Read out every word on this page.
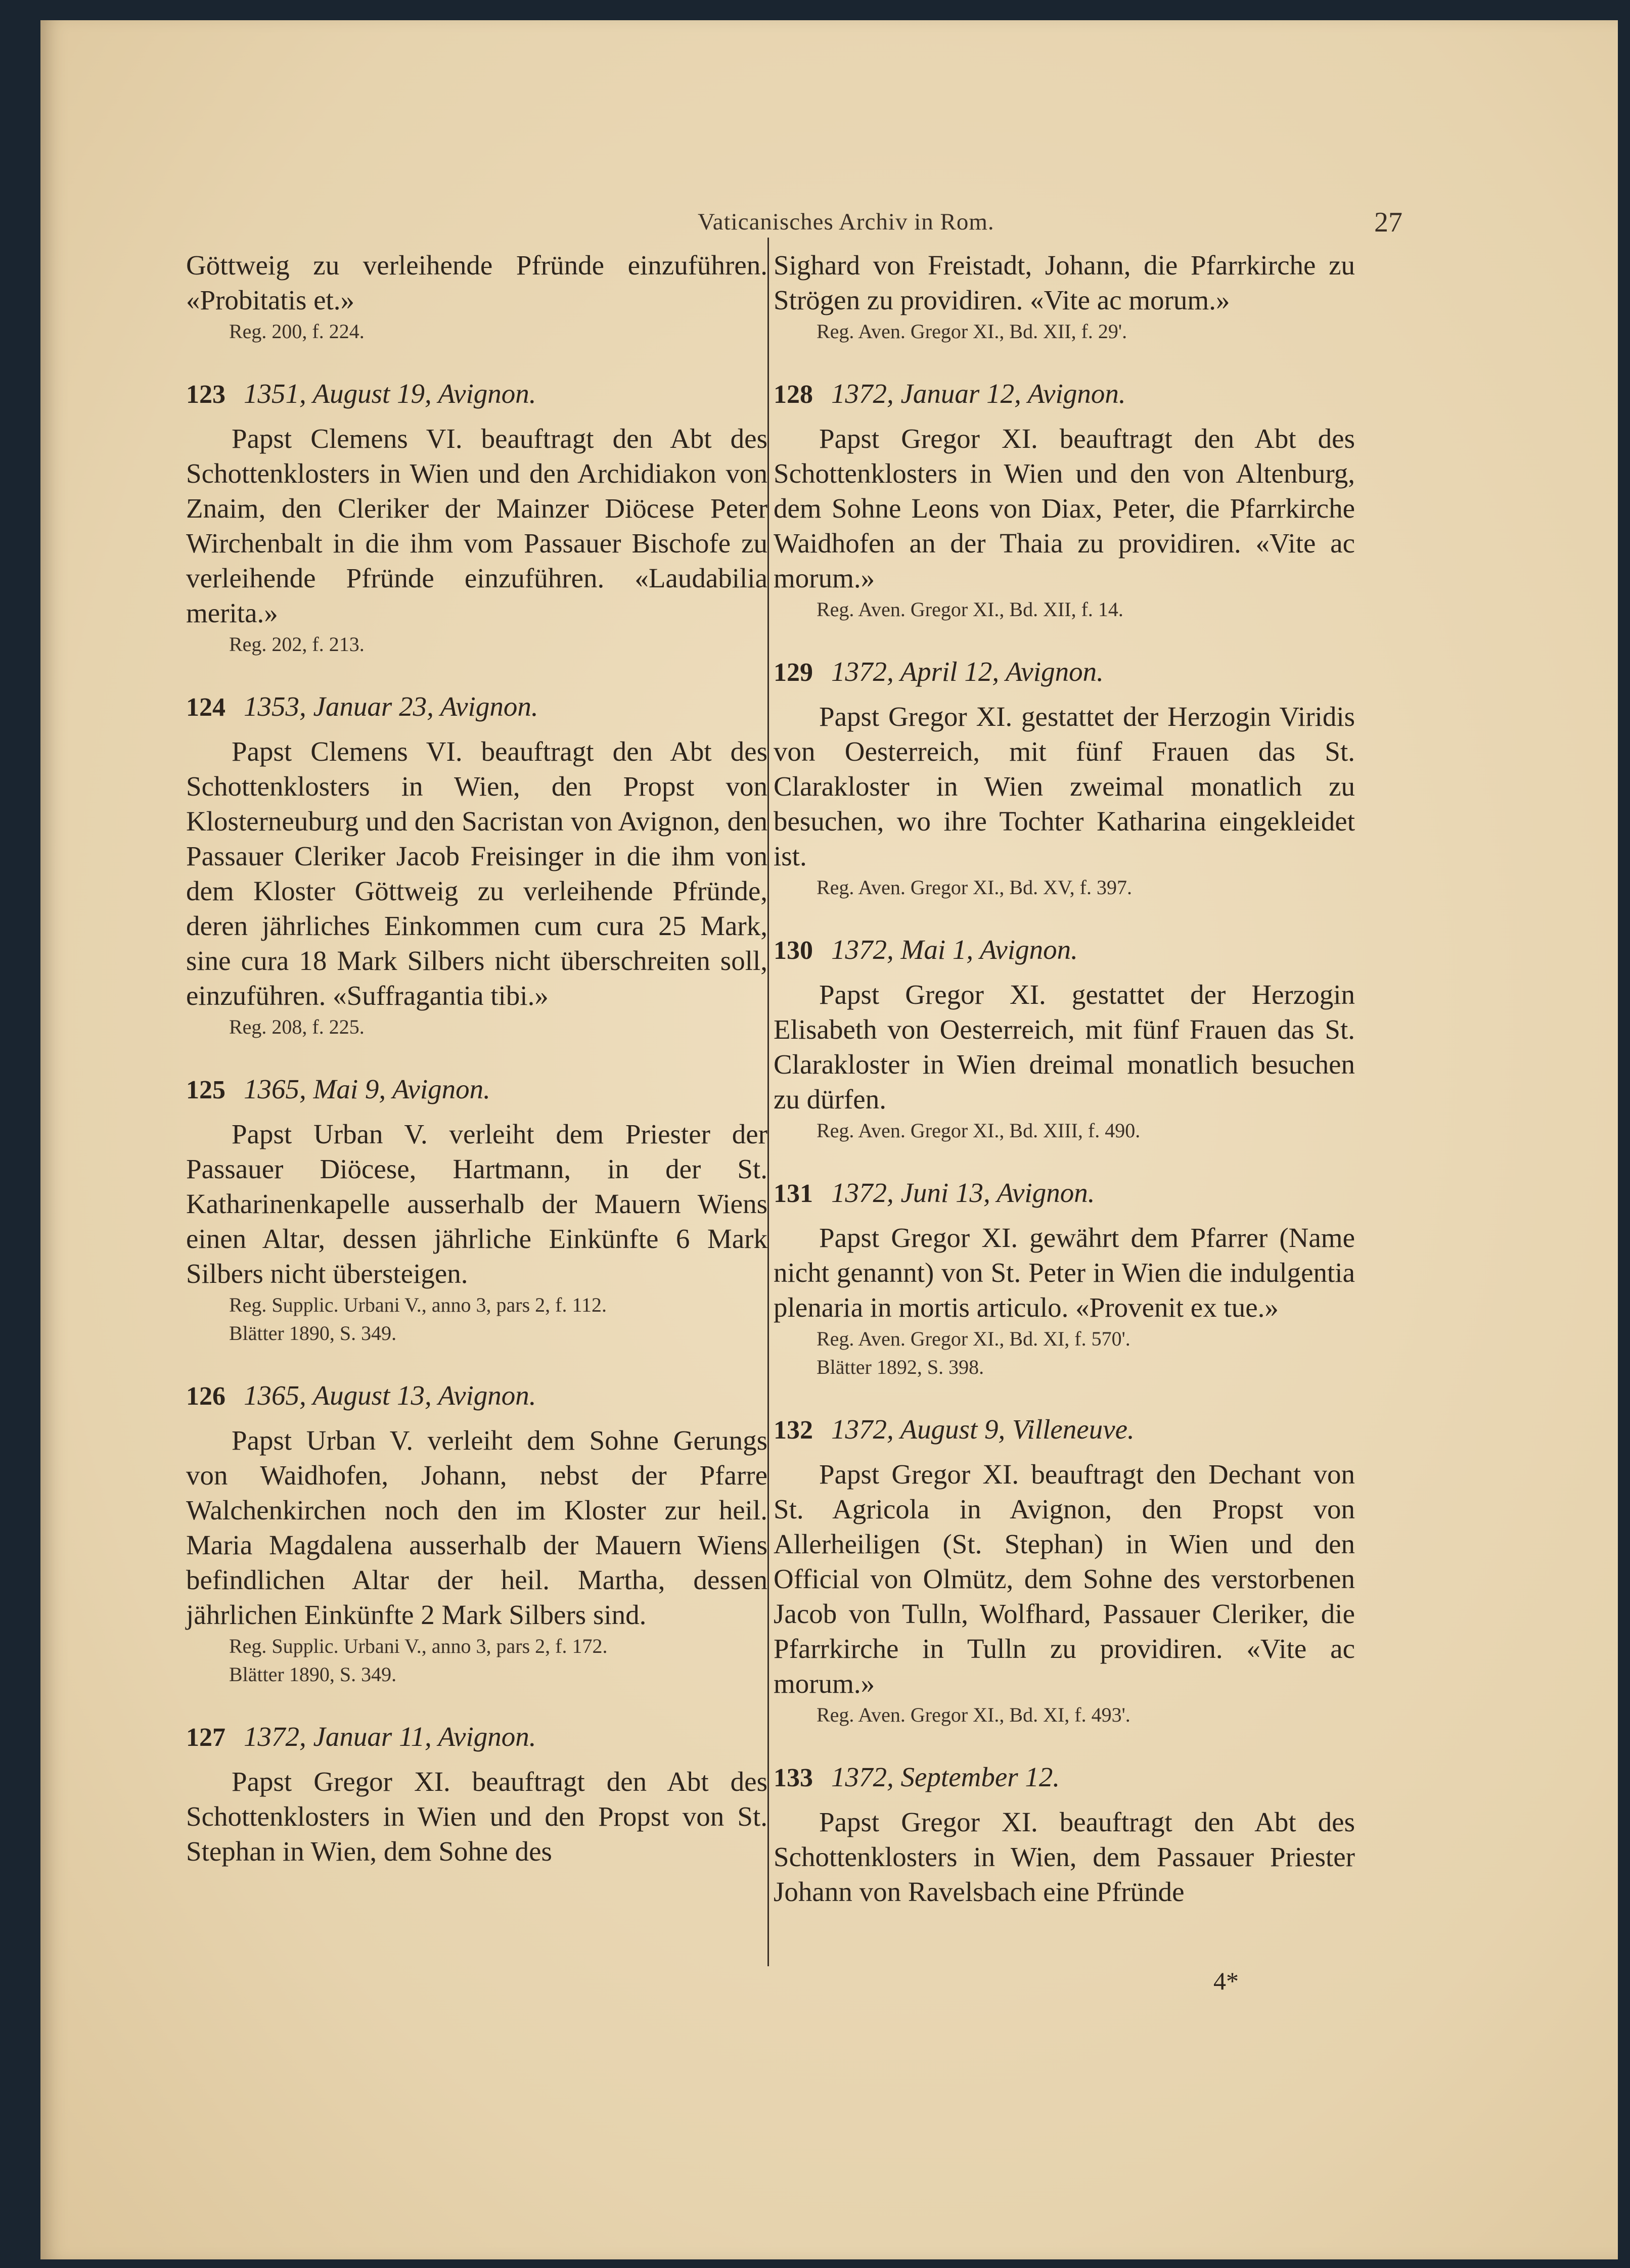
Vaticanisches Archiv in Rom.	27

Göttweig zu verleihende Pfründe einzuführen. «Probitatis et.»

Reg. 200, f. 224.
123 1351, August 19, Avignon.

Papst Clemens VI. beauftragt den Abt des Schottenklosters in Wien und den Archidiakon von Znaim, den Cleriker der Mainzer Diöcese Peter Wirchenbalt in die ihm vom Passauer Bischofe zu verleihende Pfründe einzuführen. «Laudabilia merita.»

Reg. 202, f. 213.
124 1353, Januar 23, Avignon.

Papst Clemens VI. beauftragt den Abt des Schottenklosters in Wien, den Propst von Klosterneuburg und den Sacristan von Avignon, den Passauer Cleriker Jacob Freisinger in die ihm von dem Kloster Göttweig zu verleihende Pfründe, deren jährliches Einkommen cum cura 25 Mark, sine cura 18 Mark Silbers nicht überschreiten soll, einzuführen. «Suffragantia tibi.»

Reg. 208, f. 225.
125 1365, Mai 9, Avignon.

Papst Urban V. verleiht dem Priester der Passauer Diöcese, Hartmann, in der St. Katharinenkapelle ausserhalb der Mauern Wiens einen Altar, dessen jährliche Einkünfte 6 Mark Silbers nicht übersteigen.

Reg. Supplic. Urbani V., anno 3, pars 2, f. 112.
Blätter 1890, S. 349.
126 1365, August 13, Avignon.

Papst Urban V. verleiht dem Sohne Gerungs von Waidhofen, Johann, nebst der Pfarre Walchenkirchen noch den im Kloster zur heil. Maria Magdalena ausserhalb der Mauern Wiens befindlichen Altar der heil. Martha, dessen jährlichen Einkünfte 2 Mark Silbers sind.

Reg. Supplic. Urbani V., anno 3, pars 2, f. 172.
Blätter 1890, S. 349.
127 1372, Januar 11, Avignon.

Papst Gregor XI. beauftragt den Abt des Schottenklosters in Wien und den Propst von St. Stephan in Wien, dem Sohne des

Sighard von Freistadt, Johann, die Pfarrkirche zu Strögen zu providiren. «Vite ac morum.»

Reg. Aven. Gregor XI., Bd. XII, f. 29'.
128 1372, Januar 12, Avignon.

Papst Gregor XI. beauftragt den Abt des Schottenklosters in Wien und den von Altenburg, dem Sohne Leons von Diax, Peter, die Pfarrkirche Waidhofen an der Thaia zu providiren. «Vite ac morum.»

Reg. Aven. Gregor XI., Bd. XII, f. 14.
129 1372, April 12, Avignon.

Papst Gregor XI. gestattet der Herzogin Viridis von Oesterreich, mit fünf Frauen das St. Clarakloster in Wien zweimal monatlich zu besuchen, wo ihre Tochter Katharina eingekleidet ist.

Reg. Aven. Gregor XI., Bd. XV, f. 397.
130 1372, Mai 1, Avignon.

Papst Gregor XI. gestattet der Herzogin Elisabeth von Oesterreich, mit fünf Frauen das St. Clarakloster in Wien dreimal monatlich besuchen zu dürfen.

Reg. Aven. Gregor XI., Bd. XIII, f. 490.
131 1372, Juni 13, Avignon.

Papst Gregor XI. gewährt dem Pfarrer (Name nicht genannt) von St. Peter in Wien die indulgentia plenaria in mortis articulo. «Provenit ex tue.»

Reg. Aven. Gregor XI., Bd. XI, f. 570'.
Blätter 1892, S. 398.
132 1372, August 9, Villeneuve.

Papst Gregor XI. beauftragt den Dechant von St. Agricola in Avignon, den Propst von Allerheiligen (St. Stephan) in Wien und den Official von Olmütz, dem Sohne des verstorbenen Jacob von Tulln, Wolfhard, Passauer Cleriker, die Pfarrkirche in Tulln zu providiren. «Vite ac morum.»

Reg. Aven. Gregor XI., Bd. XI, f. 493'.
133 1372, September 12.

Papst Gregor XI. beauftragt den Abt des Schottenklosters in Wien, dem Passauer Priester Johann von Ravelsbach eine Pfründe

4*
